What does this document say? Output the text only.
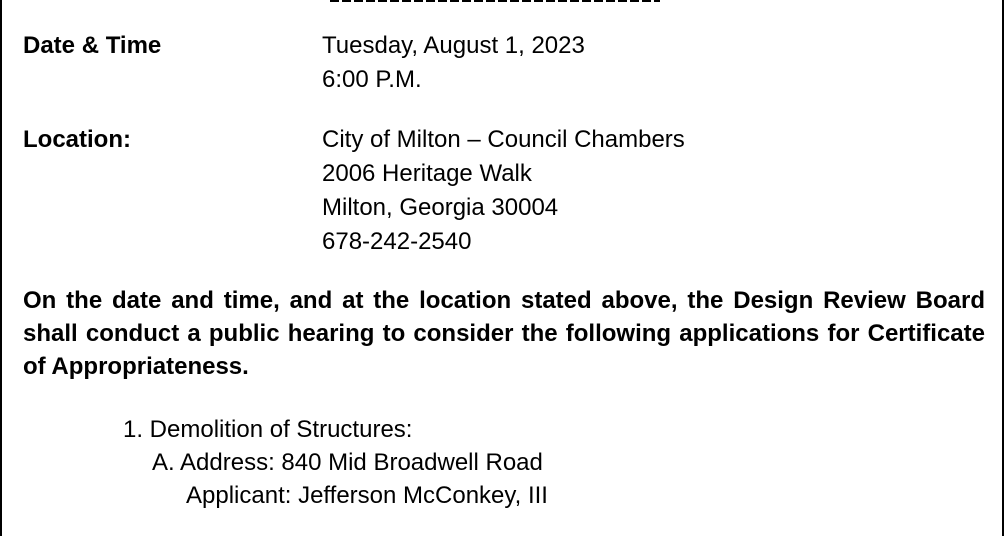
Date & Time	Tuesday, August 1, 2023
6:00 P.M.
Location:	City of Milton – Council Chambers
2006 Heritage Walk
Milton, Georgia 30004
678-242-2540
On the date and time, and at the location stated above, the Design Review Board shall conduct a public hearing to consider the following applications for Certificate of Appropriateness.
1. Demolition of Structures:
A. Address: 840 Mid Broadwell Road
Applicant: Jefferson McConkey, III
